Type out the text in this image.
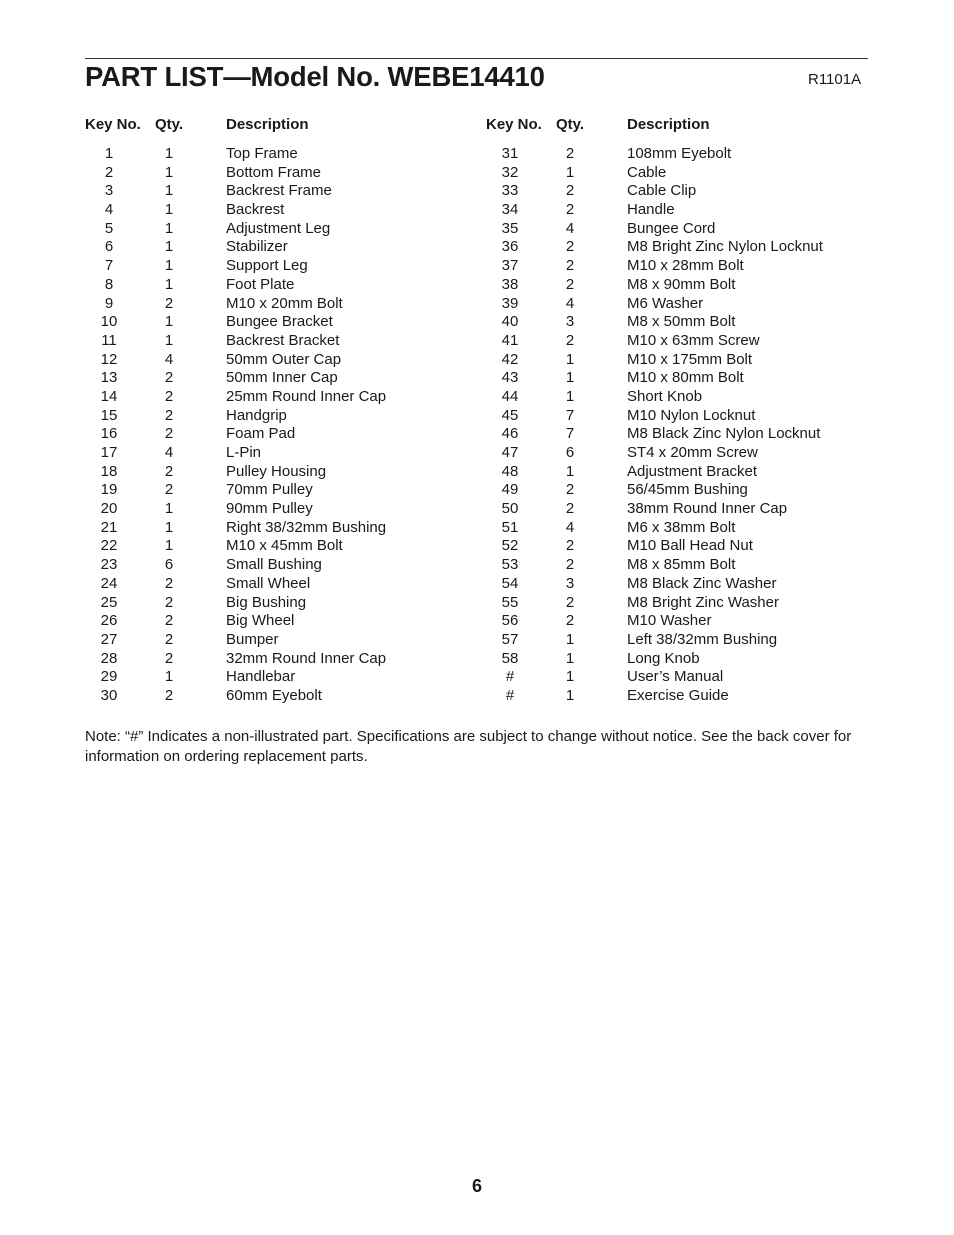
PART LIST—Model No. WEBE14410	R1101A
Key No. Qty.	Description
1	1	Top Frame
2	1	Bottom Frame
3	1	Backrest Frame
4	1	Backrest
5	1	Adjustment Leg
6	1	Stabilizer
7	1	Support Leg
8	1	Foot Plate
9	2	M10 x 20mm Bolt
10	1	Bungee Bracket
11	1	Backrest Bracket
12	4	50mm Outer Cap
13	2	50mm Inner Cap
14	2	25mm Round Inner Cap
15	2	Handgrip
16	2	Foam Pad
17	4	L-Pin
18	2	Pulley Housing
19	2	70mm Pulley
20	1	90mm Pulley
21	1	Right 38/32mm Bushing
22	1	M10 x 45mm Bolt
23	6	Small Bushing
24	2	Small Wheel
25	2	Big Bushing
26	2	Big Wheel
27	2	Bumper
28	2	32mm Round Inner Cap
29	1	Handlebar
30	2	60mm Eyebolt
Key No. Qty.	Description
31	2	108mm Eyebolt
32	1	Cable
33	2	Cable Clip
34	2	Handle
35	4	Bungee Cord
36	2	M8 Bright Zinc Nylon Locknut
37	2	M10 x 28mm Bolt
38	2	M8 x 90mm Bolt
39	4	M6 Washer
40	3	M8 x 50mm Bolt
41	2	M10 x 63mm Screw
42	1	M10 x 175mm Bolt
43	1	M10 x 80mm Bolt
44	1	Short Knob
45	7	M10 Nylon Locknut
46	7	M8 Black Zinc Nylon Locknut
47	6	ST4 x 20mm Screw
48	1	Adjustment Bracket
49	2	56/45mm Bushing
50	2	38mm Round Inner Cap
51	4	M6 x 38mm Bolt
52	2	M10 Ball Head Nut
53	2	M8 x 85mm Bolt
54	3	M8 Black Zinc Washer
55	2	M8 Bright Zinc Washer
56	2	M10 Washer
57	1	Left 38/32mm Bushing
58	1	Long Knob
#	1	User’s Manual
#	1	Exercise Guide

Note: “#” Indicates a non-illustrated part. Specifications are subject to change without notice. See the back cover for information on ordering replacement parts.

6
